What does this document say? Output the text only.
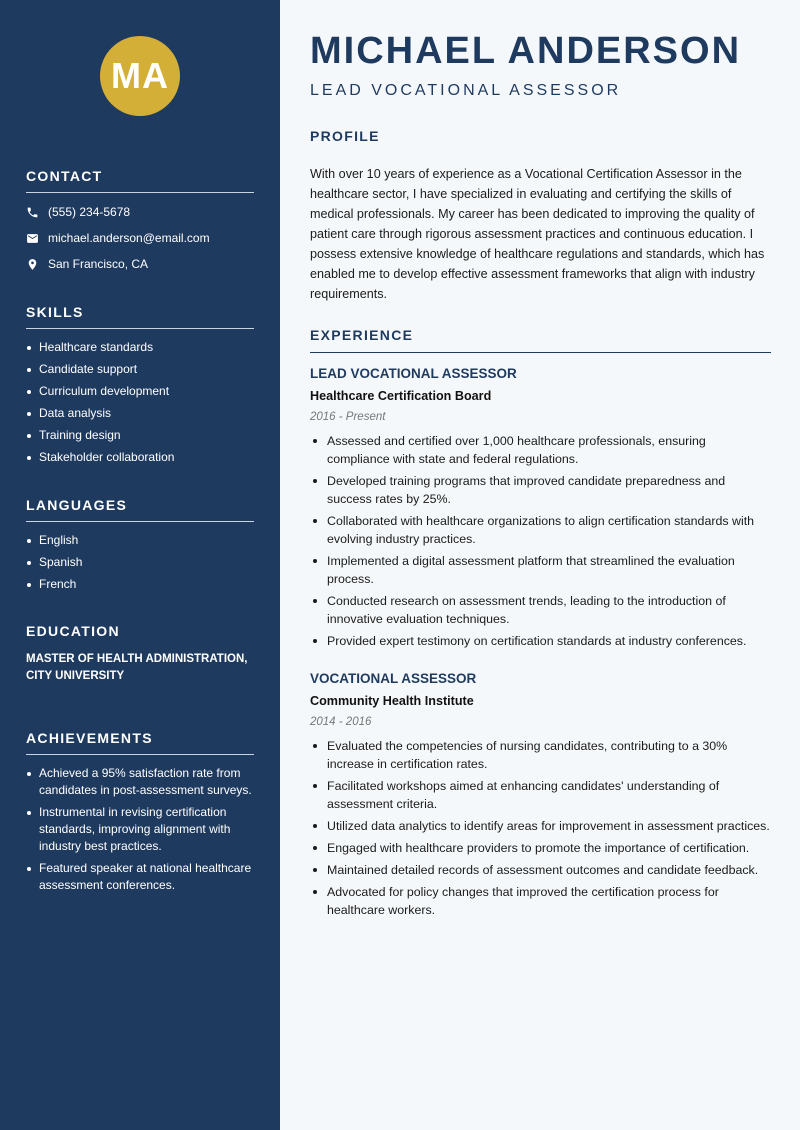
MA
CONTACT
(555) 234-5678
michael.anderson@email.com
San Francisco, CA
SKILLS
Healthcare standards
Candidate support
Curriculum development
Data analysis
Training design
Stakeholder collaboration
LANGUAGES
English
Spanish
French
EDUCATION
MASTER OF HEALTH ADMINISTRATION, CITY UNIVERSITY
ACHIEVEMENTS
Achieved a 95% satisfaction rate from candidates in post-assessment surveys.
Instrumental in revising certification standards, improving alignment with industry best practices.
Featured speaker at national healthcare assessment conferences.
MICHAEL ANDERSON
LEAD VOCATIONAL ASSESSOR
PROFILE

With over 10 years of experience as a Vocational Certification Assessor in the healthcare sector, I have specialized in evaluating and certifying the skills of medical professionals. My career has been dedicated to improving the quality of patient care through rigorous assessment practices and continuous education. I possess extensive knowledge of healthcare regulations and standards, which has enabled me to develop effective assessment frameworks that align with industry requirements.

EXPERIENCE
LEAD VOCATIONAL ASSESSOR
Healthcare Certification Board
2016 - Present
Assessed and certified over 1,000 healthcare professionals, ensuring compliance with state and federal regulations.
Developed training programs that improved candidate preparedness and success rates by 25%.
Collaborated with healthcare organizations to align certification standards with evolving industry practices.
Implemented a digital assessment platform that streamlined the evaluation process.
Conducted research on assessment trends, leading to the introduction of innovative evaluation techniques.
Provided expert testimony on certification standards at industry conferences.
VOCATIONAL ASSESSOR
Community Health Institute
2014 - 2016
Evaluated the competencies of nursing candidates, contributing to a 30% increase in certification rates.
Facilitated workshops aimed at enhancing candidates' understanding of assessment criteria.
Utilized data analytics to identify areas for improvement in assessment practices.
Engaged with healthcare providers to promote the importance of certification.
Maintained detailed records of assessment outcomes and candidate feedback.
Advocated for policy changes that improved the certification process for healthcare workers.
